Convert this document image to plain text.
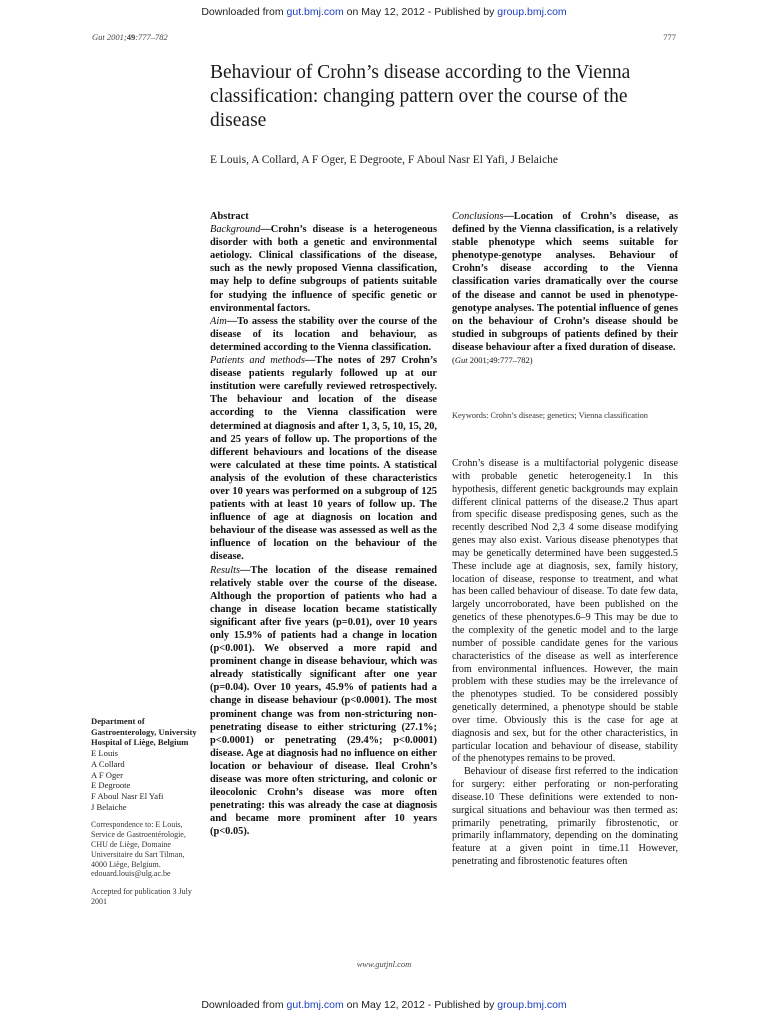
Downloaded from gut.bmj.com on May 12, 2012 - Published by group.bmj.com
Gut 2001;49:777–782	777
Behaviour of Crohn’s disease according to the Vienna classification: changing pattern over the course of the disease
E Louis, A Collard, A F Oger, E Degroote, F Aboul Nasr El Yafi, J Belaiche
Abstract

Background—Crohn’s disease is a heterogeneous disorder with both a genetic and environmental aetiology. Clinical classifications of the disease, such as the newly proposed Vienna classification, may help to define subgroups of patients suitable for studying the influence of specific genetic or environmental factors.

Aim—To assess the stability over the course of the disease of its location and behaviour, as determined according to the Vienna classification.

Patients and methods—The notes of 297 Crohn’s disease patients regularly followed up at our institution were carefully reviewed retrospectively. The behaviour and location of the disease according to the Vienna classification were determined at diagnosis and after 1, 3, 5, 10, 15, 20, and 25 years of follow up. The proportions of the different behaviours and locations of the disease were calculated at these time points. A statistical analysis of the evolution of these characteristics over 10 years was performed on a subgroup of 125 patients with at least 10 years of follow up. The influence of age at diagnosis on location and behaviour of the disease was assessed as well as the influence of location on the behaviour of the disease.

Results—The location of the disease remained relatively stable over the course of the disease. Although the proportion of patients who had a change in disease location became statistically significant after five years (p=0.01), over 10 years only 15.9% of patients had a change in location (p<0.001). We observed a more rapid and prominent change in disease behaviour, which was already statistically significant after one year (p=0.04). Over 10 years, 45.9% of patients had a change in disease behaviour (p<0.0001). The most prominent change was from non-stricturing non-penetrating disease to either stricturing (27.1%; p<0.0001) or penetrating (29.4%; p<0.0001) disease. Age at diagnosis had no influence on either location or behaviour of disease. Ileal Crohn’s disease was more often stricturing, and colonic or ileocolonic Crohn’s disease was more often penetrating: this was already the case at diagnosis and became more prominent after 10 years (p<0.05).

Conclusions—Location of Crohn’s disease, as defined by the Vienna classification, is a relatively stable phenotype which seems suitable for phenotype-genotype analyses. Behaviour of Crohn’s disease according to the Vienna classification varies dramatically over the course of the disease and cannot be used in phenotype-genotype analyses. The potential influence of genes on the behaviour of Crohn’s disease should be studied in subgroups of patients defined by their disease behaviour after a fixed duration of disease.

(Gut 2001;49:777–782)
Keywords: Crohn’s disease; genetics; Vienna classification

Crohn’s disease is a multifactorial polygenic disease with probable genetic heterogeneity.1 In this hypothesis, different genetic backgrounds may explain different clinical patterns of the disease.2 Thus apart from specific disease predisposing genes, such as the recently described Nod 2,3 4 some disease modifying genes may also exist. Various disease phenotypes that may be genetically determined have been suggested.5 These include age at diagnosis, sex, family history, location of disease, response to treatment, and what has been called behaviour of disease. To date few data, largely uncorroborated, have been published on the genetics of these phenotypes.6–9 This may be due to the complexity of the genetic model and to the large number of possible candidate genes for the various characteristics of the disease as well as interference from environmental influences. However, the main problem with these studies may be the irrelevance of the phenotypes studied. To be considered possibly genetically determined, a phenotype should be stable over time. Obviously this is the case for age at diagnosis and sex, but for the other characteristics, in particular location and behaviour of disease, stability of the phenotypes remains to be proved.

Behaviour of disease first referred to the indication for surgery: either perforating or non-perforating disease.10 These definitions were extended to non-surgical situations and behaviour was then termed as: primarily penetrating, primarily fibrostenotic, or primarily inflammatory, depending on the dominating feature at a given point in time.11 However, penetrating and fibrostenotic features often

Department of Gastroenterology, University Hospital of Liège, Belgium
E Louis
A Collard
A F Oger
E Degroote
F Aboul Nasr El Yafi
J Belaiche
Correspondence to: E Louis, Service de Gastroentérologie, CHU de Liège, Domaine Universitaire du Sart Tilman, 4000 Liège, Belgium. edouard.louis@ulg.ac.be
Accepted for publication 3 July 2001
www.gutjnl.com
Downloaded from gut.bmj.com on May 12, 2012 - Published by group.bmj.com
